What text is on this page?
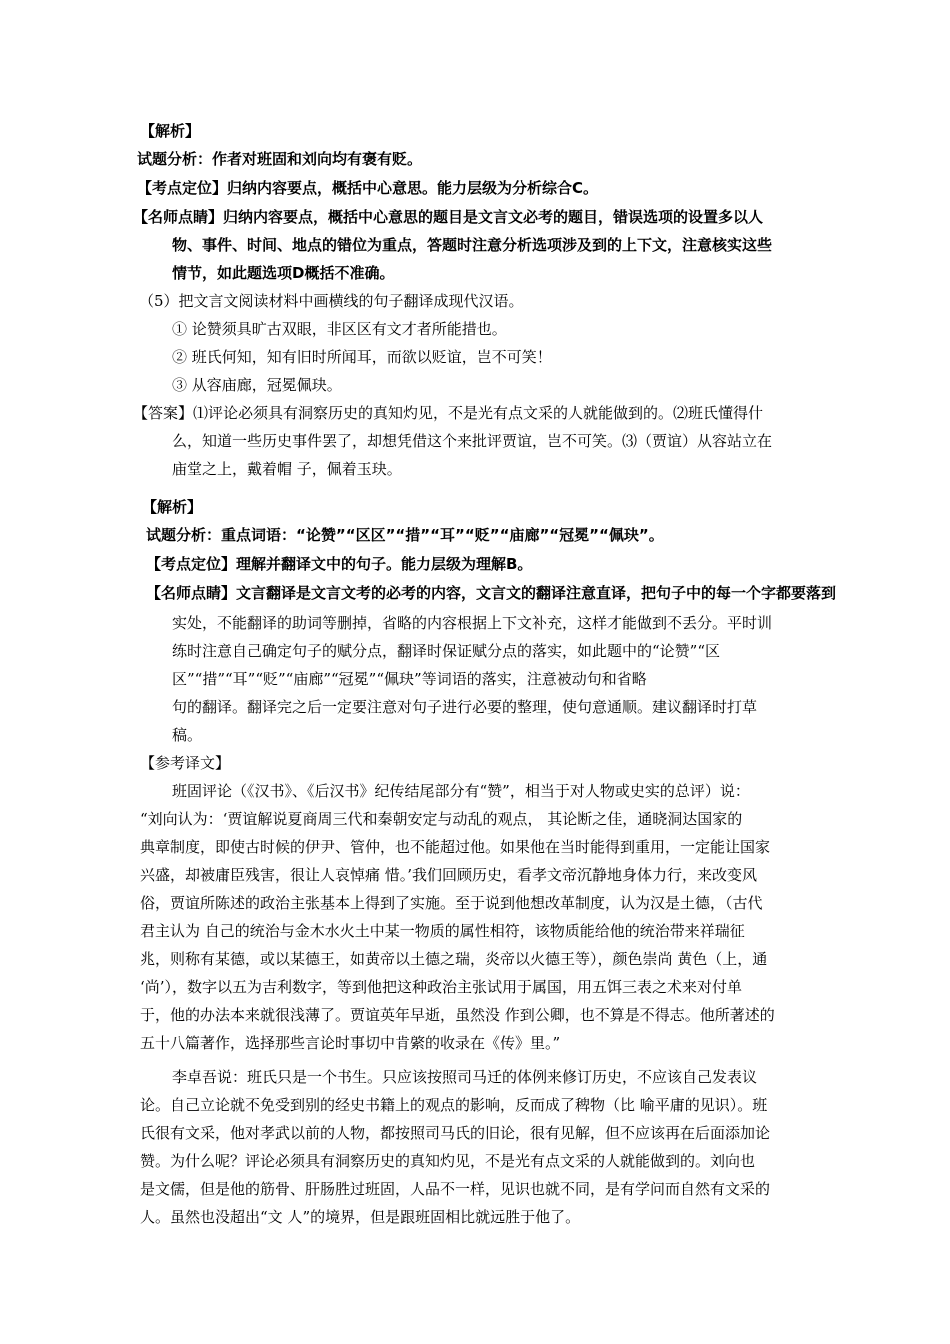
【解析】
试题分析：作者对班固和刘向均有褒有贬。
【考点定位】归纳内容要点，概括中心意思。能力层级为分析综合C。
【名师点睛】归纳内容要点，概括中心意思的题目是文言文必考的题目，错误选项的设置多以人
物、事件、时间、地点的错位为重点，答题时注意分析选项涉及到的上下文，注意核实这些
情节，如此题选项D概括不准确。
（5）把文言文阅读材料中画横线的句子翻译成现代汉语。
① 论赞须具旷古双眼，非区区有文才者所能措也。
② 班氏何知，知有旧时所闻耳，而欲以贬谊，岂不可笑！
③ 从容庙廊，冠冕佩玦。
【答案】⑴评论必须具有洞察历史的真知灼见，不是光有点文采的人就能做到的。⑵班氏懂得什
么，知道一些历史事件罢了，却想凭借这个来批评贾谊，岂不可笑。⑶（贾谊）从容站立在
庙堂之上，戴着帽 子，佩着玉玦。
【解析】
试题分析：重点词语：“论赞”“区区”“措”“耳”“贬”“庙廊”“冠冕”“佩玦”。
【考点定位】理解并翻译文中的句子。能力层级为理解B。
【名师点睛】文言翻译是文言文考的必考的内容，文言文的翻译注意直译，把句子中的每一个字都要落到
实处，不能翻译的助词等删掉，省略的内容根据上下文补充，这样才能做到不丢分。平时训
练时注意自己确定句子的赋分点，翻译时保证赋分点的落实，如此题中的“论赞”“区
区”“措”“耳”“贬”“庙廊”“冠冕”“佩玦”等词语的落实，注意被动句和省略
句的翻译。翻译完之后一定要注意对句子进行必要的整理，使句意通顺。建议翻译时打草
稿。
【参考译文】
班固评论（《汉书》、《后汉书》纪传结尾部分有“赞”，相当于对人物或史实的总评）说：
“刘向认为：‘贾谊解说夏商周三代和秦朝安定与动乱的观点， 其论断之佳，通晓洞达国家的
典章制度，即使古时候的伊尹、管仲，也不能超过他。如果他在当时能得到重用，一定能让国家
兴盛，却被庸臣残害，很让人哀悼痛 惜。’我们回顾历史，看孝文帝沉静地身体力行，来改变风
俗，贾谊所陈述的政治主张基本上得到了实施。至于说到他想改革制度，认为汉是土德，（古代
君主认为 自己的统治与金木水火土中某一物质的属性相符，该物质能给他的统治带来祥瑞征
兆，则称有某德，或以某德王，如黄帝以土德之瑞，炎帝以火德王等），颜色崇尚 黄色（上，通
‘尚’），数字以五为吉利数字，等到他把这种政治主张试用于属国，用五饵三表之术来对付单
于，他的办法本来就很浅薄了。贾谊英年早逝，虽然没 作到公卿，也不算是不得志。他所著述的
五十八篇著作，选择那些言论时事切中肯綮的收录在《传》里。”
李卓吾说：班氏只是一个书生。只应该按照司马迁的体例来修订历史，不应该自己发表议
论。自己立论就不免受到别的经史书籍上的观点的影响，反而成了稗物（比 喻平庸的见识）。班
氏很有文采，他对孝武以前的人物，都按照司马氏的旧论，很有见解，但不应该再在后面添加论
赞。为什么呢？评论必须具有洞察历史的真知灼见，不是光有点文采的人就能做到的。刘向也
是文儒，但是他的筋骨、肝肠胜过班固，人品不一样，见识也就不同，是有学问而自然有文采的
人。虽然也没超出“文 人”的境界，但是跟班固相比就远胜于他了。
